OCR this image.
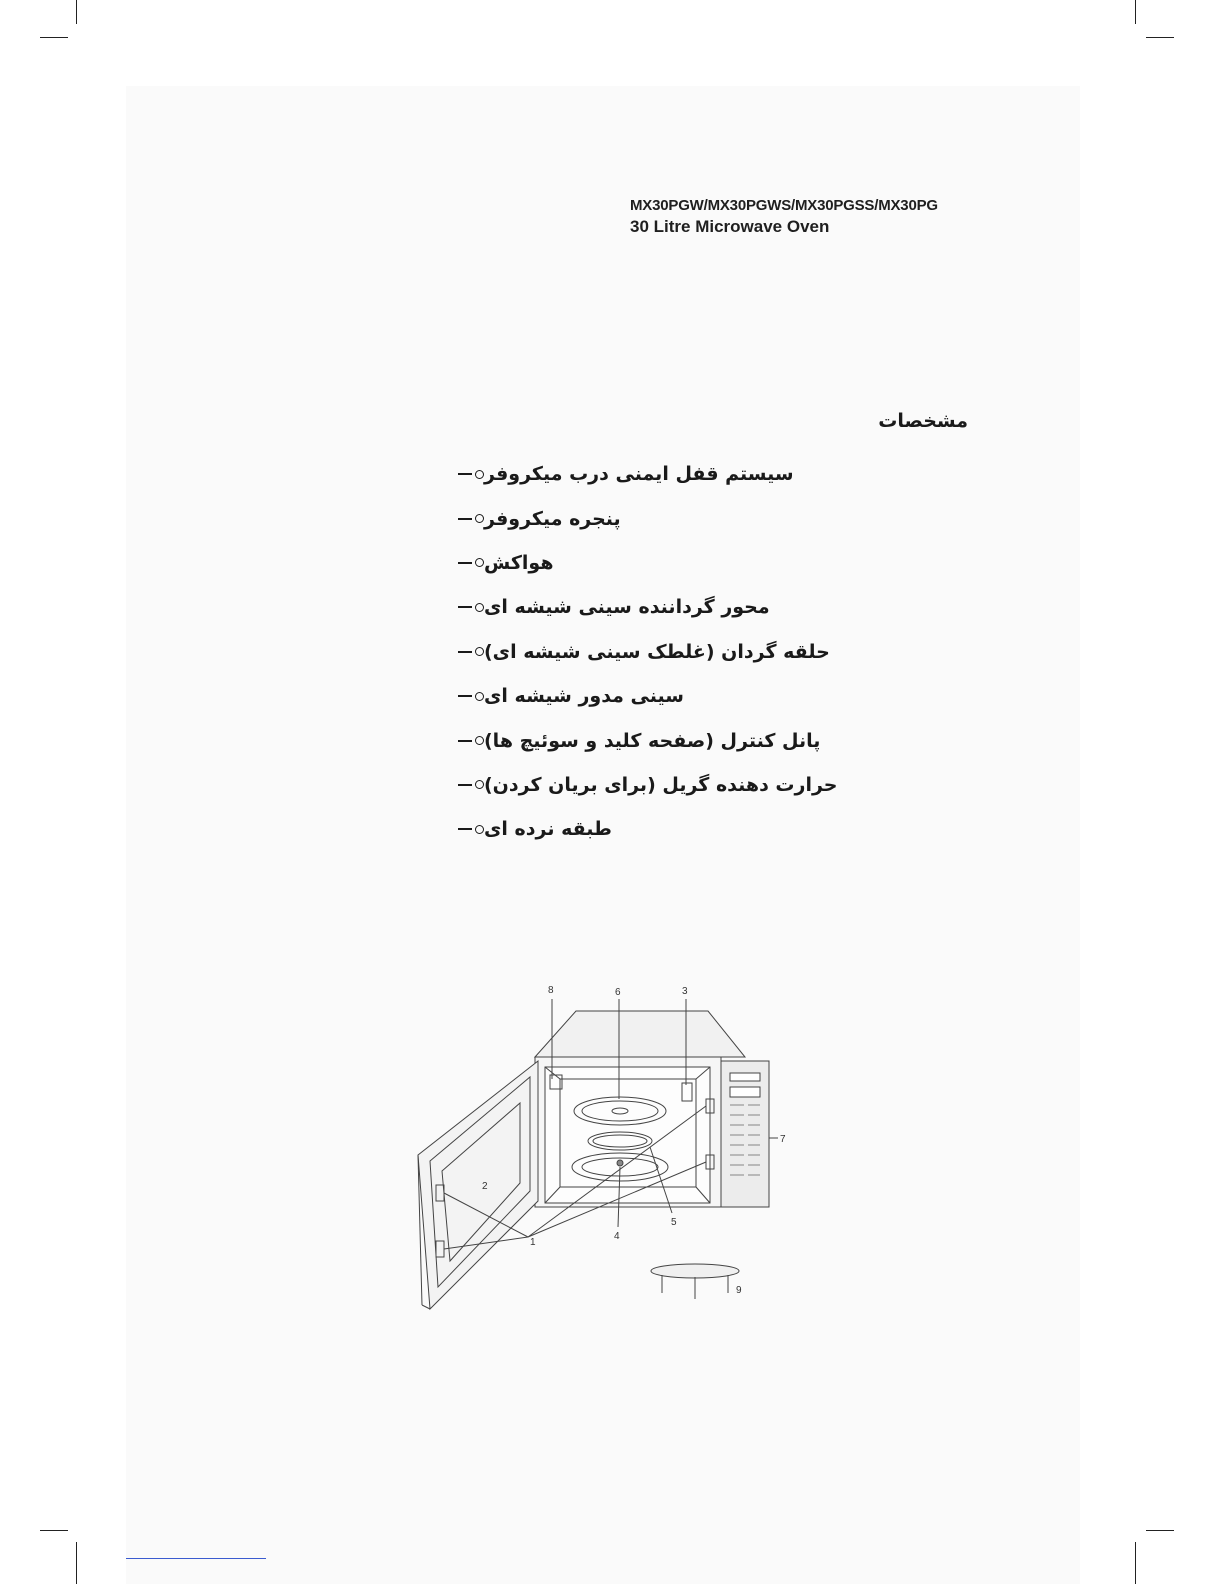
MX30PGW/MX30PGWS/MX30PGSS/MX30PG
30 Litre Microwave Oven
مشخصات
سیستم قفل ایمنی درب میکروفر
پنجره میکروفر
هواکش
محور گرداننده سینی شیشه ای
حلقه گردان (غلطک سینی شیشه ای)
سینی مدور شیشه ای
پانل کنترل (صفحه کلید و سوئیچ ها)
حرارت دهنده گریل (برای بریان کردن)
طبقه نرده ای
8	6	3
7
2
1
4
5
9
